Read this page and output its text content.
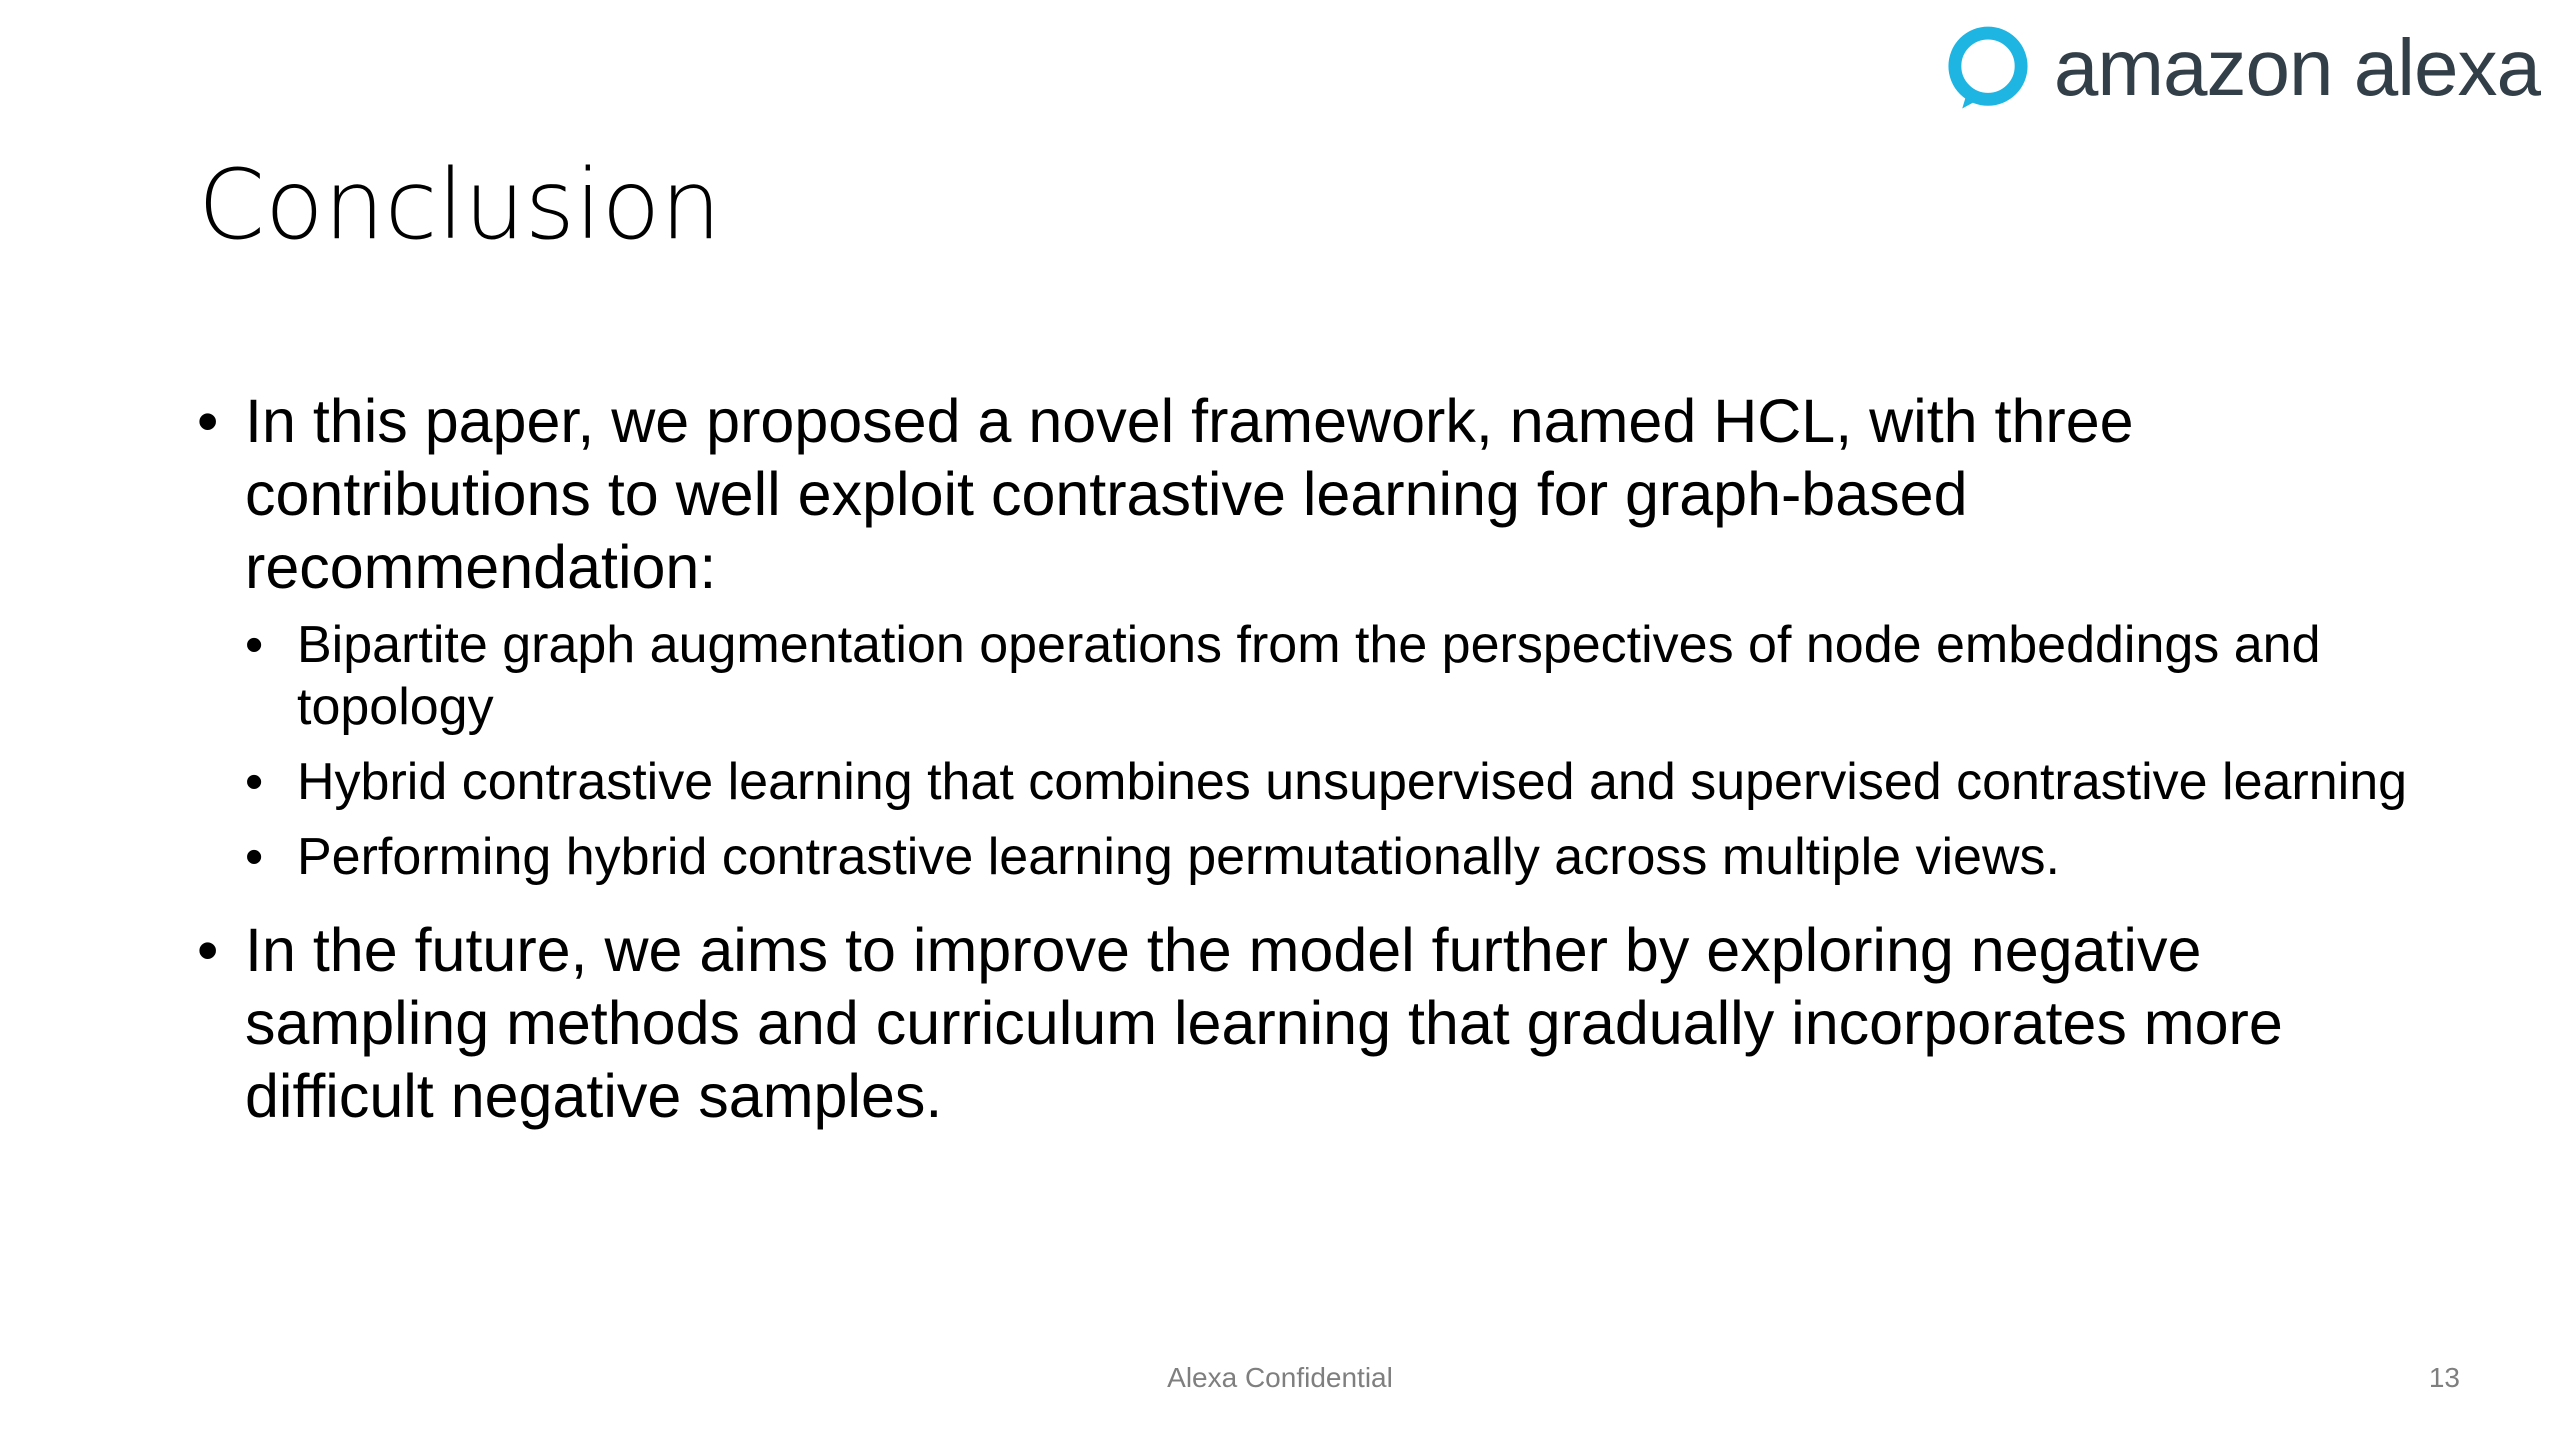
amazon alexa
Conclusion
• In this paper, we proposed a novel framework, named HCL, with three contributions to well exploit contrastive learning for graph-based recommendation:
• Bipartite graph augmentation operations from the perspectives of node embeddings and topology
• Hybrid contrastive learning that combines unsupervised and supervised contrastive learning
• Performing hybrid contrastive learning permutationally across multiple views.
• In the future, we aims to improve the model further by exploring negative sampling methods and curriculum learning that gradually incorporates more difficult negative samples.
Alexa Confidential	13
